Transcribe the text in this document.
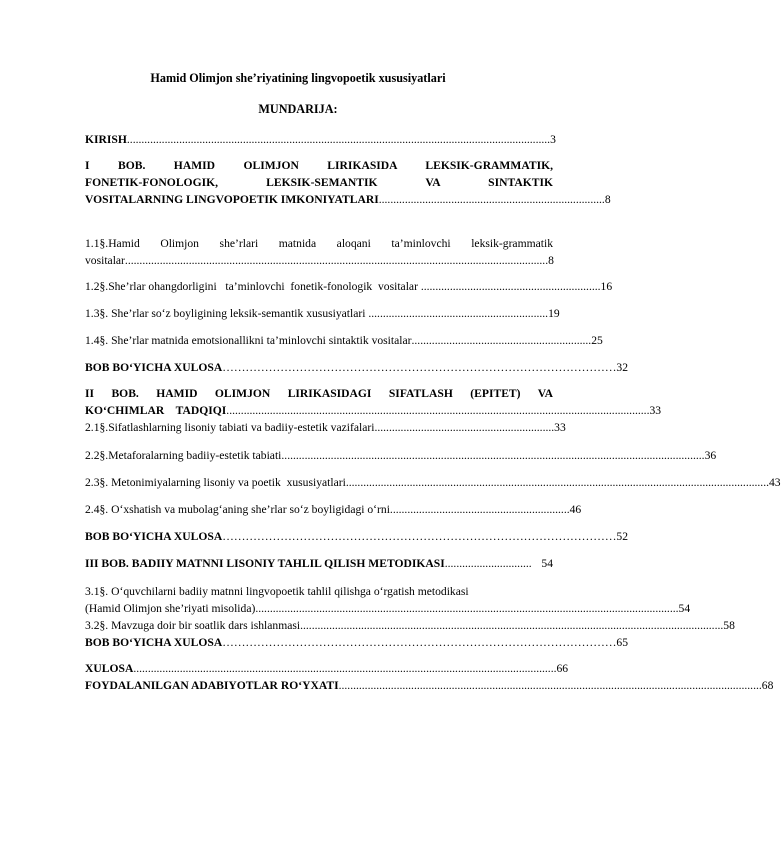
Hamid Olimjon she’riyatining lingvopoetik xususiyatlari
MUNDARIJA:
KIRISH .................................................................................................................................................. 3
I BOB. HAMID OLIMJON LIRIKASIDA LEKSIK-GRAMMATIK,
FONETIK-FONOLOGIK, LEKSIK-SEMANTIK VA SINTAKTIK
VOSITALARNING LINGVOPOETIK IMKONIYATLARI .............................................................................. 8
1.1§.Hamid Olimjon she’rlari matnida aloqani ta’minlovchi leksik-grammatik
vositalar .................................................................................................................................................. 8
1.2§.She’rlar ohangdorligini   ta’minlovchi  fonetik-fonologik  vositalar .............................................................. 16
1.3§. She’rlar so‘z boyligining leksik-semantik xususiyatlari .............................................................. 19
1.4§. She’rlar matnida emotsionallikni ta’minlovchi sintaktik vositalar .............................................................. 25
BOB BO‘YICHA XULOSA ………………………………………………………………………………………… 32
II BOB. HAMID OLIMJON LIRIKASIDAGI SIFATLASH (EPITET) VA
KO‘CHIMLAR    TADQIQI .................................................................................................................................................. 33
2.1§.Sifatlashlarning lisoniy tabiati va badiiy-estetik vazifalari .............................................................. 33
2.2§.Metaforalarning badiiy-estetik tabiati .................................................................................................................................................. 36
2.3§. Metonimiyalarning lisoniy va poetik  xususiyatlari .................................................................................................................................................. 43
2.4§. O‘xshatish va mubolag‘aning she’rlar so‘z boyligidagi o‘rni .............................................................. 46
BOB BO‘YICHA XULOSA ………………………………………………………………………………………… 52
III BOB. BADIIY MATNNI LISONIY TAHLIL QILISH METODIKASI .............................. 54
3.1§. O‘quvchilarni badiiy matnni lingvopoetik tahlil qilishga o‘rgatish metodikasi
(Hamid Olimjon she’riyati misolida) .................................................................................................................................................. 54
3.2§. Mavzuga doir bir soatlik dars ishlanmasi .................................................................................................................................................. 58
BOB BO‘YICHA XULOSA ………………………………………………………………………………………… 65
XULOSA .................................................................................................................................................. 66
FOYDALANILGAN ADABIYOTLAR RO‘YXATI .................................................................................................................................................. 68
